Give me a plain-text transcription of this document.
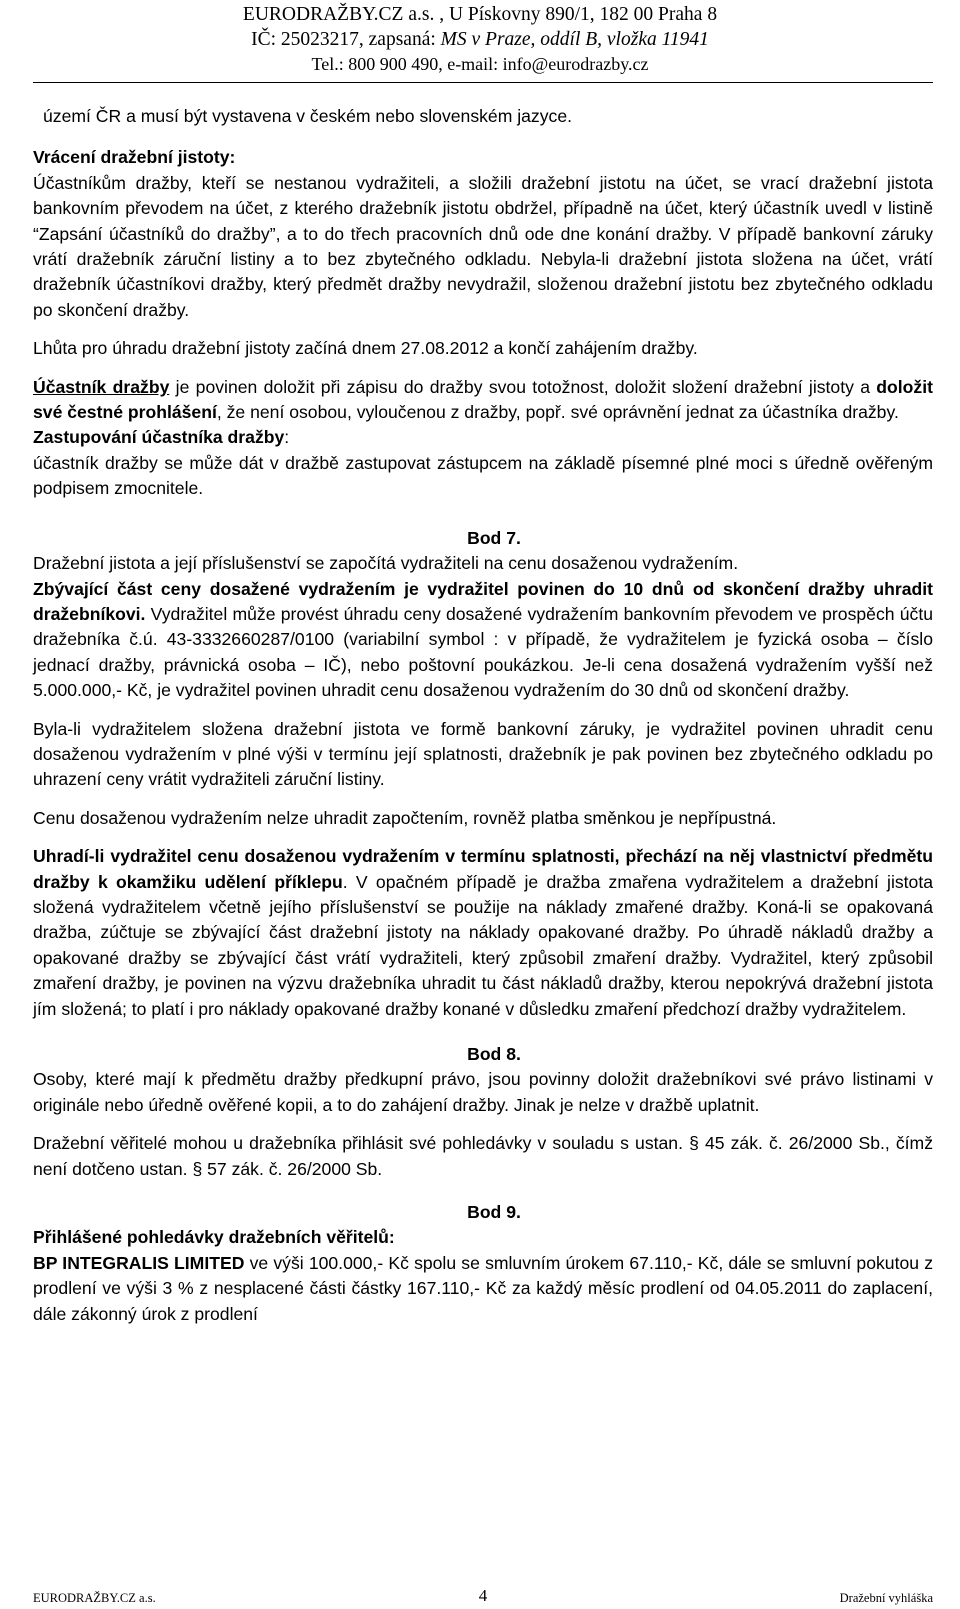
EURODRAŽBY.CZ a.s. , U Pískovny 890/1, 182 00 Praha 8
IČ: 25023217, zapsaná: MS v Praze, oddíl B, vložka 11941
Tel.: 800 900 490, e-mail: info@eurodrazby.cz

území ČR a musí být vystavena v českém nebo slovenském jazyce.

Vrácení dražební jistoty:

Účastníkům dražby, kteří se nestanou vydražiteli, a složili dražební jistotu na účet, se vrací dražební jistota bankovním převodem na účet, z kterého dražebník jistotu obdržel, případně na účet, který účastník uvedl v listině “Zapsání účastníků do dražby”, a to do třech pracovních dnů ode dne konání dražby. V případě bankovní záruky vrátí dražebník záruční listiny a to bez zbytečného odkladu. Nebyla-li dražební jistota složena na účet, vrátí dražebník účastníkovi dražby, který předmět dražby nevydražil, složenou dražební jistotu bez zbytečného odkladu po skončení dražby.

Lhůta pro úhradu dražební jistoty začíná dnem 27.08.2012 a končí zahájením dražby.

Účastník dražby je povinen doložit při zápisu do dražby svou totožnost, doložit složení dražební jistoty a doložit své čestné prohlášení, že není osobou, vyloučenou z dražby, popř. své oprávnění jednat za účastníka dražby.

Zastupování účastníka dražby:

účastník dražby se může dát v dražbě zastupovat zástupcem na základě písemné plné moci s úředně ověřeným podpisem zmocnitele.

Bod 7.

Dražební jistota a její příslušenství se započítá vydražiteli na cenu dosaženou vydražením.

Zbývající část ceny dosažené vydražením je vydražitel povinen do 10 dnů od skončení dražby uhradit dražebníkovi. Vydražitel může provést úhradu ceny dosažené vydražením bankovním převodem ve prospěch účtu dražebníka č.ú. 43-3332660287/0100 (variabilní symbol : v případě, že vydražitelem je fyzická osoba – číslo jednací dražby, právnická osoba – IČ), nebo poštovní poukázkou. Je-li cena dosažená vydražením vyšší než 5.000.000,- Kč, je vydražitel povinen uhradit cenu dosaženou vydražením do 30 dnů od skončení dražby.

Byla-li vydražitelem složena dražební jistota ve formě bankovní záruky, je vydražitel povinen uhradit cenu dosaženou vydražením v plné výši v termínu její splatnosti, dražebník je pak povinen bez zbytečného odkladu po uhrazení ceny vrátit vydražiteli záruční listiny.

Cenu dosaženou vydražením nelze uhradit započtením, rovněž platba směnkou je nepřípustná.

Uhradí-li vydražitel cenu dosaženou vydražením v termínu splatnosti, přechází na něj vlastnictví předmětu dražby k okamžiku udělení příklepu. V opačném případě je dražba zmařena vydražitelem a dražební jistota složená vydražitelem včetně jejího příslušenství se použije na náklady zmařené dražby. Koná-li se opakovaná dražba, zúčtuje se zbývající část dražební jistoty na náklady opakované dražby. Po úhradě nákladů dražby a opakované dražby se zbývající část vrátí vydražiteli, který způsobil zmaření dražby. Vydražitel, který způsobil zmaření dražby, je povinen na výzvu dražebníka uhradit tu část nákladů dražby, kterou nepokrývá dražební jistota jím složená; to platí i pro náklady opakované dražby konané v důsledku zmaření předchozí dražby vydražitelem.

Bod 8.

Osoby, které mají k předmětu dražby předkupní právo, jsou povinny doložit dražebníkovi své právo listinami v originále nebo úředně ověřené kopii, a to do zahájení dražby. Jinak je nelze v dražbě uplatnit.

Dražební věřitelé mohou u dražebníka přihlásit své pohledávky v souladu s ustan. § 45 zák. č. 26/2000 Sb., čímž není dotčeno ustan. § 57 zák. č. 26/2000 Sb.

Bod 9.

Přihlášené pohledávky dražebních věřitelů:

BP INTEGRALIS LIMITED ve výši 100.000,- Kč spolu se smluvním úrokem 67.110,- Kč, dále se smluvní pokutou z prodlení ve výši 3 % z nesplacené části částky 167.110,- Kč za každý měsíc prodlení od 04.05.2011 do zaplacení, dále zákonný úrok z prodlení

EURODRAŽBY.CZ a.s.	4	Dražební vyhláška
